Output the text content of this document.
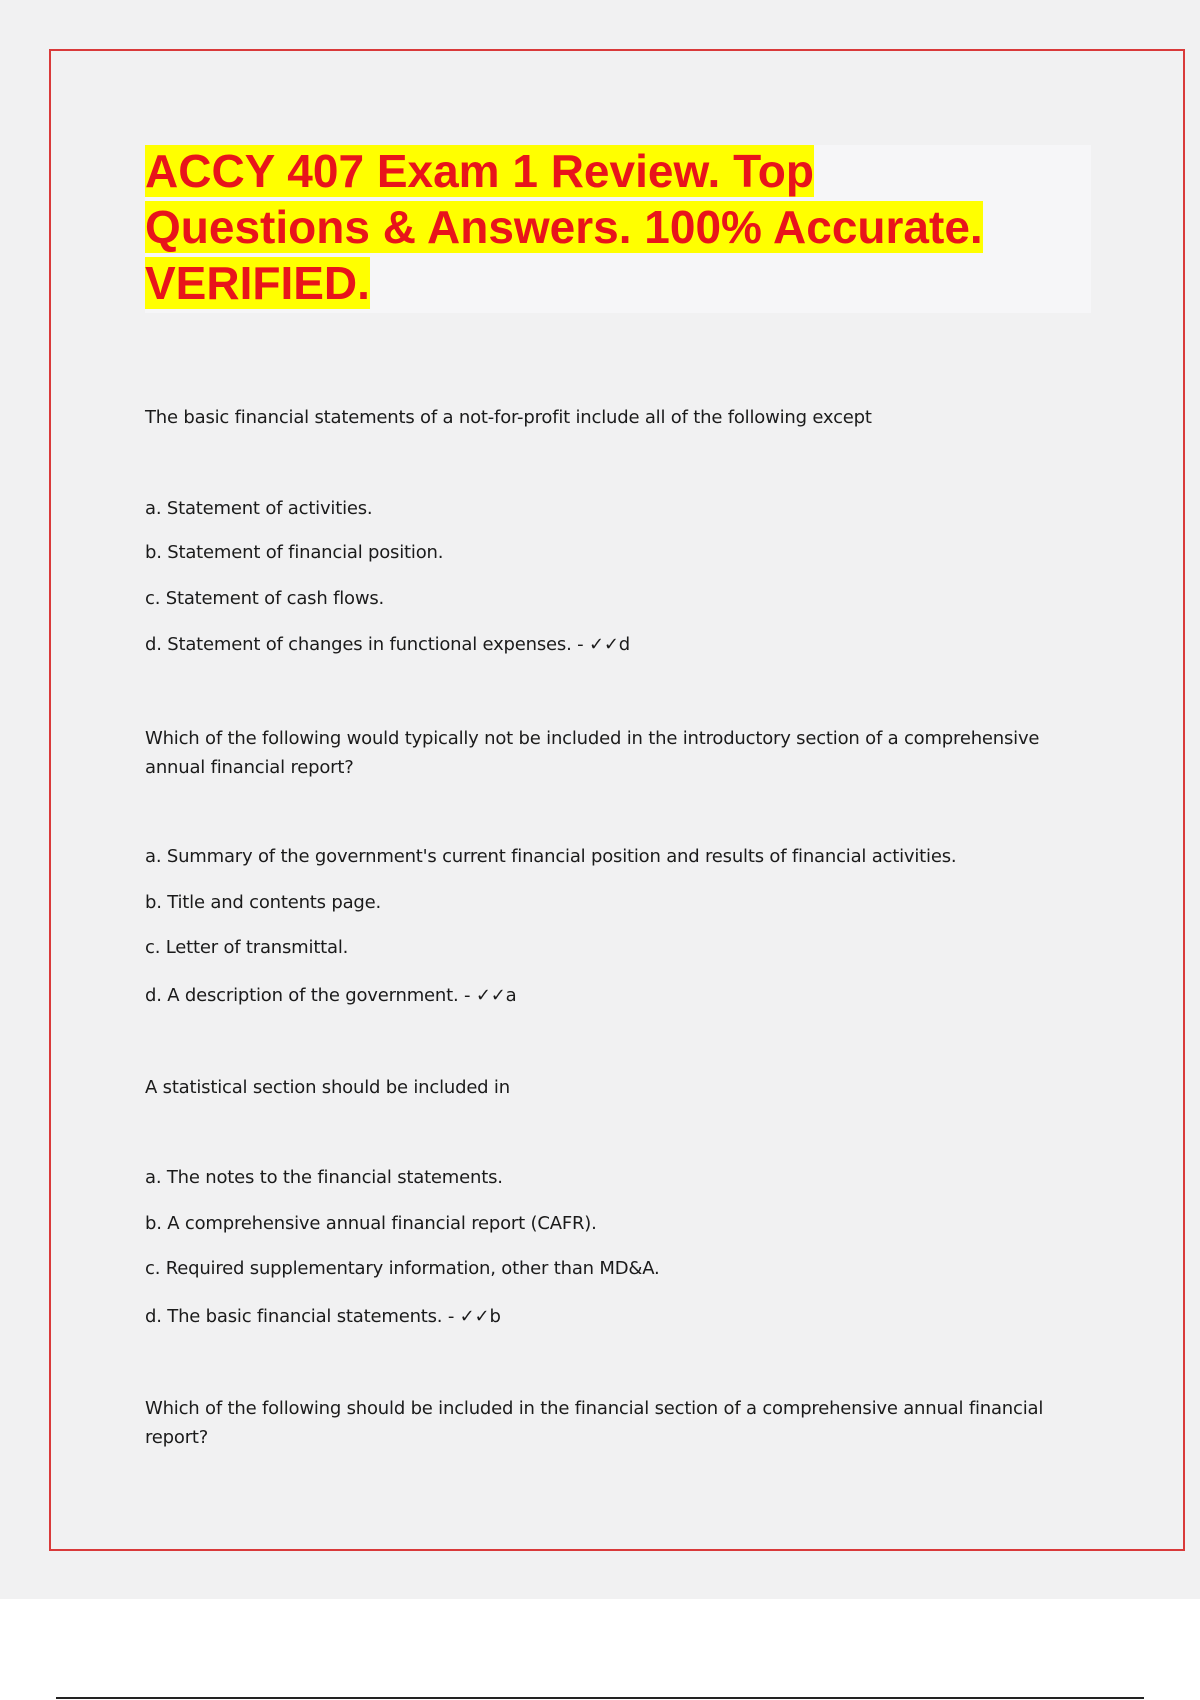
ACCY 407 Exam 1 Review. Top
Questions & Answers. 100% Accurate.
VERIFIED.

The basic financial statements of a not-for-profit include all of the following except

a. Statement of activities.

b. Statement of financial position.

c. Statement of cash flows.

d. Statement of changes in functional expenses. - ✓✓d

Which of the following would typically not be included in the introductory section of a comprehensive annual financial report?

a. Summary of the government's current financial position and results of financial activities.

b. Title and contents page.

c. Letter of transmittal.

d. A description of the government. - ✓✓a

A statistical section should be included in

a. The notes to the financial statements.

b. A comprehensive annual financial report (CAFR).

c. Required supplementary information, other than MD&A.

d. The basic financial statements. - ✓✓b

Which of the following should be included in the financial section of a comprehensive annual financial report?
